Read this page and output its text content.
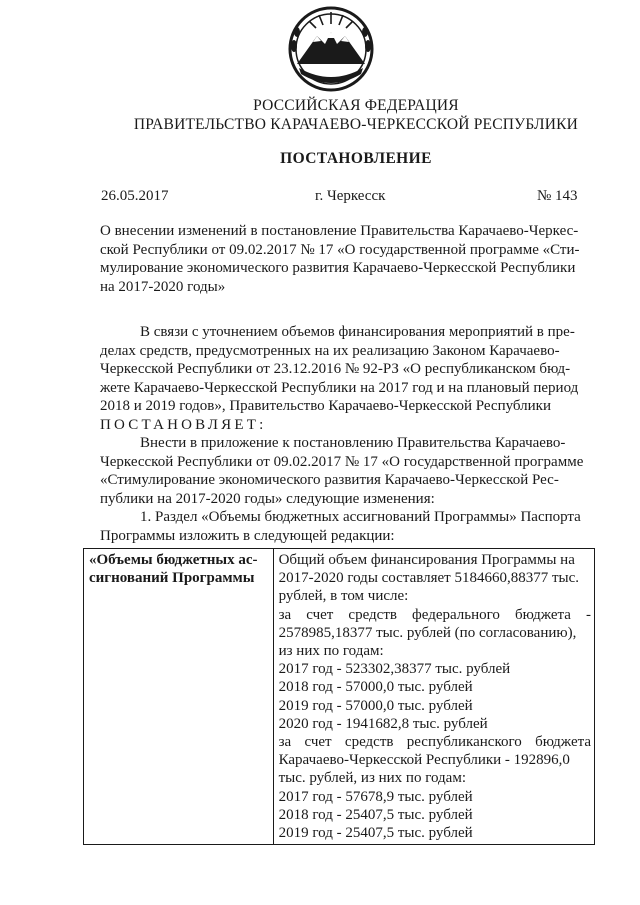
РОССИЙСКАЯ ФЕДЕРАЦИЯ
ПРАВИТЕЛЬСТВО КАРАЧАЕВО-ЧЕРКЕССКОЙ РЕСПУБЛИКИ
ПОСТАНОВЛЕНИЕ
26.05.2017	г. Черкесск	№ 143
О внесении изменений в постановление Правительства Карачаево-Черкес-
ской Республики от 09.02.2017 № 17 «О государственной программе «Сти-
мулирование экономического развития Карачаево-Черкесской Республики
на 2017-2020 годы»
В связи с уточнением объемов финансирования мероприятий в пре-
делах средств, предусмотренных на их реализацию Законом Карачаево-
Черкесской Республики от 23.12.2016 № 92-РЗ «О республиканском бюд-
жете Карачаево-Черкесской Республики на 2017 год и на плановый период
2018 и 2019 годов», Правительство Карачаево-Черкесской Республики
ПОСТАНОВЛЯЕТ:
Внести в приложение к постановлению Правительства Карачаево-
Черкесской Республики от 09.02.2017 № 17 «О государственной программе
«Стимулирование экономического развития Карачаево-Черкесской Рес-
публики на 2017-2020 годы» следующие изменения:
1. Раздел «Объемы бюджетных ассигнований Программы» Паспорта
Программы изложить в следующей редакции:
«Объемы бюджетных ас-
сигнований Программы

Общий объем финансирования Программы на
2017-2020 годы составляет 5184660,88377 тыс.
рублей, в том числе:
за счет средств федерального бюджета -
2578985,18377 тыс. рублей (по согласованию),
из них по годам:
2017 год - 523302,38377 тыс. рублей
2018 год - 57000,0 тыс. рублей
2019 год - 57000,0 тыс. рублей
2020 год - 1941682,8 тыс. рублей
за счет средств республиканского бюджета
Карачаево-Черкесской Республики - 192896,0
тыс. рублей, из них по годам:
2017 год - 57678,9 тыс. рублей
2018 год - 25407,5 тыс. рублей
2019 год - 25407,5 тыс. рублей
